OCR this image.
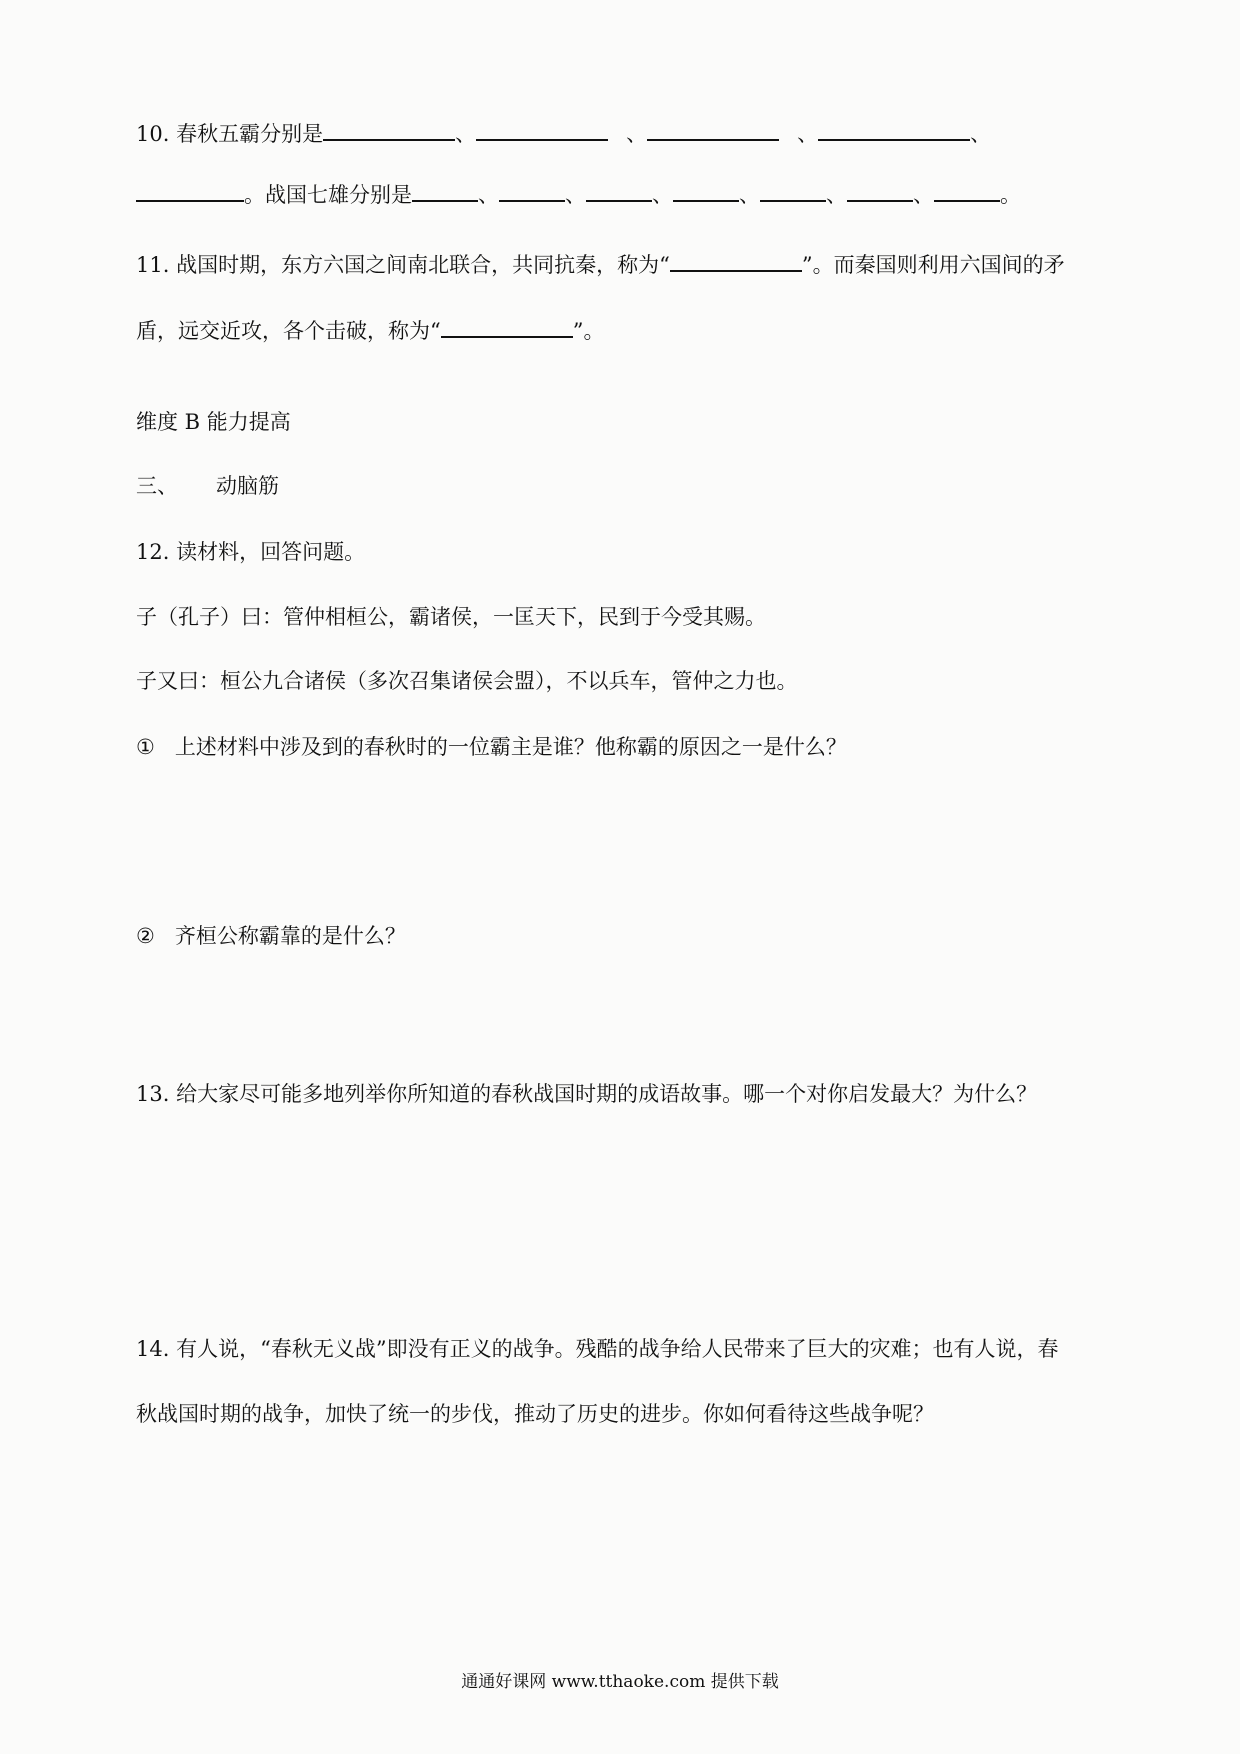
10. 春秋五霸分别是	、	、	、	、
。战国七雄分别是	、	、	、	、	、	、	。
11. 战国时期，东方六国之间南北联合，共同抗秦，称为“	”。而秦国则利用六国间的矛
盾，远交近攻，各个击破，称为“	”。
维度 B 能力提高
三、 动脑筋
12. 读材料，回答问题。
子（孔子）曰：管仲相桓公，霸诸侯，一匡天下，民到于今受其赐。
子又曰：桓公九合诸侯（多次召集诸侯会盟），不以兵车，管仲之力也。
① 上述材料中涉及到的春秋时的一位霸主是谁？他称霸的原因之一是什么？
② 齐桓公称霸靠的是什么？
13. 给大家尽可能多地列举你所知道的春秋战国时期的成语故事。哪一个对你启发最大？为什么？
14. 有人说，“春秋无义战”即没有正义的战争。残酷的战争给人民带来了巨大的灾难；也有人说，春
秋战国时期的战争，加快了统一的步伐，推动了历史的进步。你如何看待这些战争呢？
通通好课网 www.tthaoke.com 提供下载
